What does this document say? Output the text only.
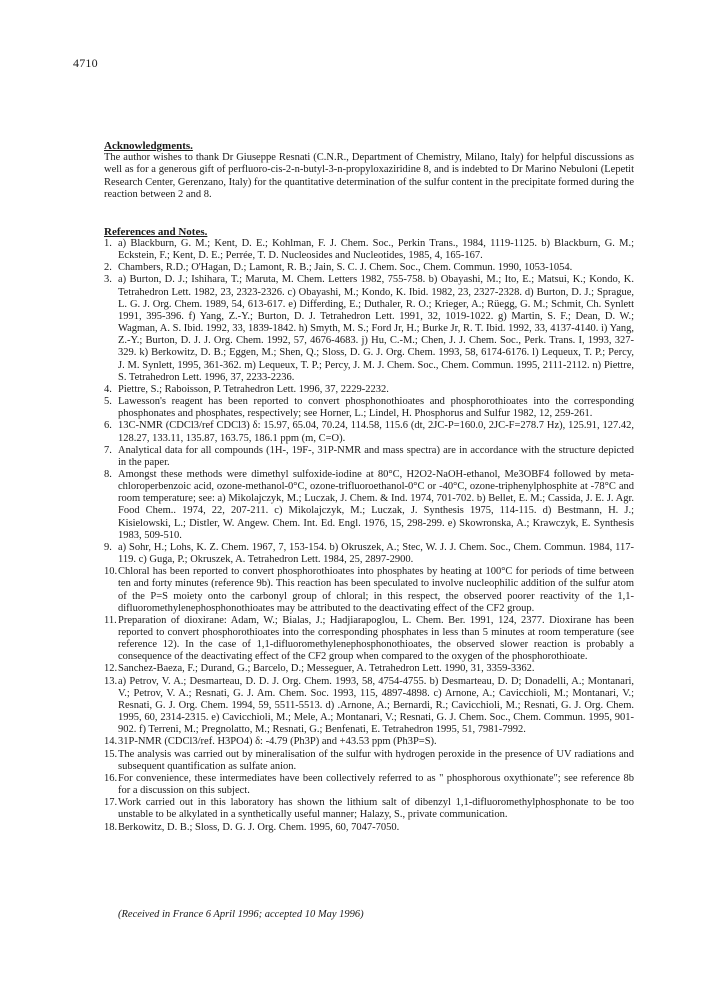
4710

Acknowledgments.

The author wishes to thank Dr Giuseppe Resnati (C.N.R., Department of Chemistry, Milano, Italy) for helpful discussions as well as for a generous gift of perfluoro-cis-2-n-butyl-3-n-propyloxaziridine 8, and is indebted to Dr Marino Nebuloni (Lepetit Research Center, Gerenzano, Italy) for the quantitative determination of the sulfur content in the precipitate formed during the reaction between 2 and 8.

References and Notes.

1. a) Blackburn, G. M.; Kent, D. E.; Kohlman, F. J. Chem. Soc., Perkin Trans., 1984, 1119-1125. b) Blackburn, G. M.; Eckstein, F.; Kent, D. E.; Perrée, T. D. Nucleosides and Nucleotides, 1985, 4, 165-167.
2. Chambers, R.D.; O'Hagan, D.; Lamont, R. B.; Jain, S. C. J. Chem. Soc., Chem. Commun. 1990, 1053-1054.
3. a) Burton, D. J.; Ishihara, T.; Maruta, M. Chem. Letters 1982, 755-758. b) Obayashi, M.; Ito, E.; Matsui, K.; Kondo, K. Tetrahedron Lett. 1982, 23, 2323-2326. c) Obayashi, M.; Kondo, K. Ibid. 1982, 23, 2327-2328. d) Burton, D. J.; Sprague, L. G. J. Org. Chem. 1989, 54, 613-617. e) Differding, E.; Duthaler, R. O.; Krieger, A.; Rüegg, G. M.; Schmit, Ch. Synlett 1991, 395-396. f) Yang, Z.-Y.; Burton, D. J. Tetrahedron Lett. 1991, 32, 1019-1022. g) Martin, S. F.; Dean, D. W.; Wagman, A. S. Ibid. 1992, 33, 1839-1842. h) Smyth, M. S.; Ford Jr, H.; Burke Jr, R. T. Ibid. 1992, 33, 4137-4140. i) Yang, Z.-Y.; Burton, D. J. J. Org. Chem. 1992, 57, 4676-4683. j) Hu, C.-M.; Chen, J. J. Chem. Soc., Perk. Trans. I, 1993, 327-329. k) Berkowitz, D. B.; Eggen, M.; Shen, Q.; Sloss, D. G. J. Org. Chem. 1993, 58, 6174-6176. l) Lequeux, T. P.; Percy, J. M. Synlett, 1995, 361-362. m) Lequeux, T. P.; Percy, J. M. J. Chem. Soc., Chem. Commun. 1995, 2111-2112. n) Piettre, S. Tetrahedron Lett. 1996, 37, 2233-2236.
4. Piettre, S.; Raboisson, P. Tetrahedron Lett. 1996, 37, 2229-2232.
5. Lawesson's reagent has been reported to convert phosphonothioates and phosphorothioates into the corresponding phosphonates and phosphates, respectively; see Horner, L.; Lindel, H. Phosphorus and Sulfur 1982, 12, 259-261.
6. 13C-NMR (CDCl3/ref CDCl3) δ: 15.97, 65.04, 70.24, 114.58, 115.6 (dt, 2JC-P=160.0, 2JC-F=278.7 Hz), 125.91, 127.42, 128.27, 133.11, 135.87, 163.75, 186.1 ppm (m, C=O).
7. Analytical data for all compounds (1H-, 19F-, 31P-NMR and mass spectra) are in accordance with the structure depicted in the paper.
8. Amongst these methods were dimethyl sulfoxide-iodine at 80°C, H2O2-NaOH-ethanol, Me3OBF4 followed by meta-chloroperbenzoic acid, ozone-methanol-0°C, ozone-trifluoroethanol-0°C or -40°C, ozone-triphenylphosphite at -78°C and room temperature; see: a) Mikolajczyk, M.; Luczak, J. Chem. & Ind. 1974, 701-702. b) Bellet, E. M.; Cassida, J. E. J. Agr. Food Chem.. 1974, 22, 207-211. c) Mikolajczyk, M.; Luczak, J. Synthesis 1975, 114-115. d) Bestmann, H. J.; Kisielowski, L.; Distler, W. Angew. Chem. Int. Ed. Engl. 1976, 15, 298-299. e) Skowronska, A.; Krawczyk, E. Synthesis 1983, 509-510.
9. a) Sohr, H.; Lohs, K. Z. Chem. 1967, 7, 153-154. b) Okruszek, A.; Stec, W. J. J. Chem. Soc., Chem. Commun. 1984, 117-119. c) Guga, P.; Okruszek, A. Tetrahedron Lett. 1984, 25, 2897-2900.
10.Chloral has been reported to convert phosphorothioates into phosphates by heating at 100°C for periods of time between ten and forty minutes (reference 9b). This reaction has been speculated to involve nucleophilic addition of the sulfur atom of the P=S moiety onto the carbonyl group of chloral; in this respect, the observed poorer reactivity of the 1,1-difluoromethylenephosphonothioates may be attributed to the deactivating effect of the CF2 group.
11.Preparation of dioxirane: Adam, W.; Bialas, J.; Hadjiarapoglou, L. Chem. Ber. 1991, 124, 2377. Dioxirane has been reported to convert phosphorothioates into the corresponding phosphates in less than 5 minutes at room temperature (see reference 12). In the case of 1,1-difluoromethylenephosphonothioates, the observed slower reaction is probably a consequence of the deactivating effect of the CF2 group when compared to the oxygen of the phosphorothioate.
12.Sanchez-Baeza, F.; Durand, G.; Barcelo, D.; Messeguer, A. Tetrahedron Lett. 1990, 31, 3359-3362.
13.a) Petrov, V. A.; Desmarteau, D. D. J. Org. Chem. 1993, 58, 4754-4755. b) Desmarteau, D. D; Donadelli, A.; Montanari, V.; Petrov, V. A.; Resnati, G. J. Am. Chem. Soc. 1993, 115, 4897-4898. c) Arnone, A.; Cavicchioli, M.; Montanari, V.; Resnati, G. J. Org. Chem. 1994, 59, 5511-5513. d) .Arnone, A.; Bernardi, R.; Cavicchioli, M.; Resnati, G. J. Org. Chem. 1995, 60, 2314-2315. e) Cavicchioli, M.; Mele, A.; Montanari, V.; Resnati, G. J. Chem. Soc., Chem. Commun. 1995, 901-902. f) Terreni, M.; Pregnolatto, M.; Resnati, G.; Benfenati, E. Tetrahedron 1995, 51, 7981-7992.
14.31P-NMR (CDCl3/ref. H3PO4) δ: -4.79 (Ph3P) and +43.53 ppm (Ph3P=S).
15.The analysis was carried out by mineralisation of the sulfur with hydrogen peroxide in the presence of UV radiations and subsequent quantification as sulfate anion.
16.For convenience, these intermediates have been collectively referred to as " phosphorous oxythionate"; see reference 8b for a discussion on this subject.
17.Work carried out in this laboratory has shown the lithium salt of dibenzyl 1,1-difluoromethylphosphonate to be too unstable to be alkylated in a synthetically useful manner; Halazy, S., private communication.
18.Berkowitz, D. B.; Sloss, D. G. J. Org. Chem. 1995, 60, 7047-7050.
(Received in France 6 April 1996; accepted 10 May 1996)
